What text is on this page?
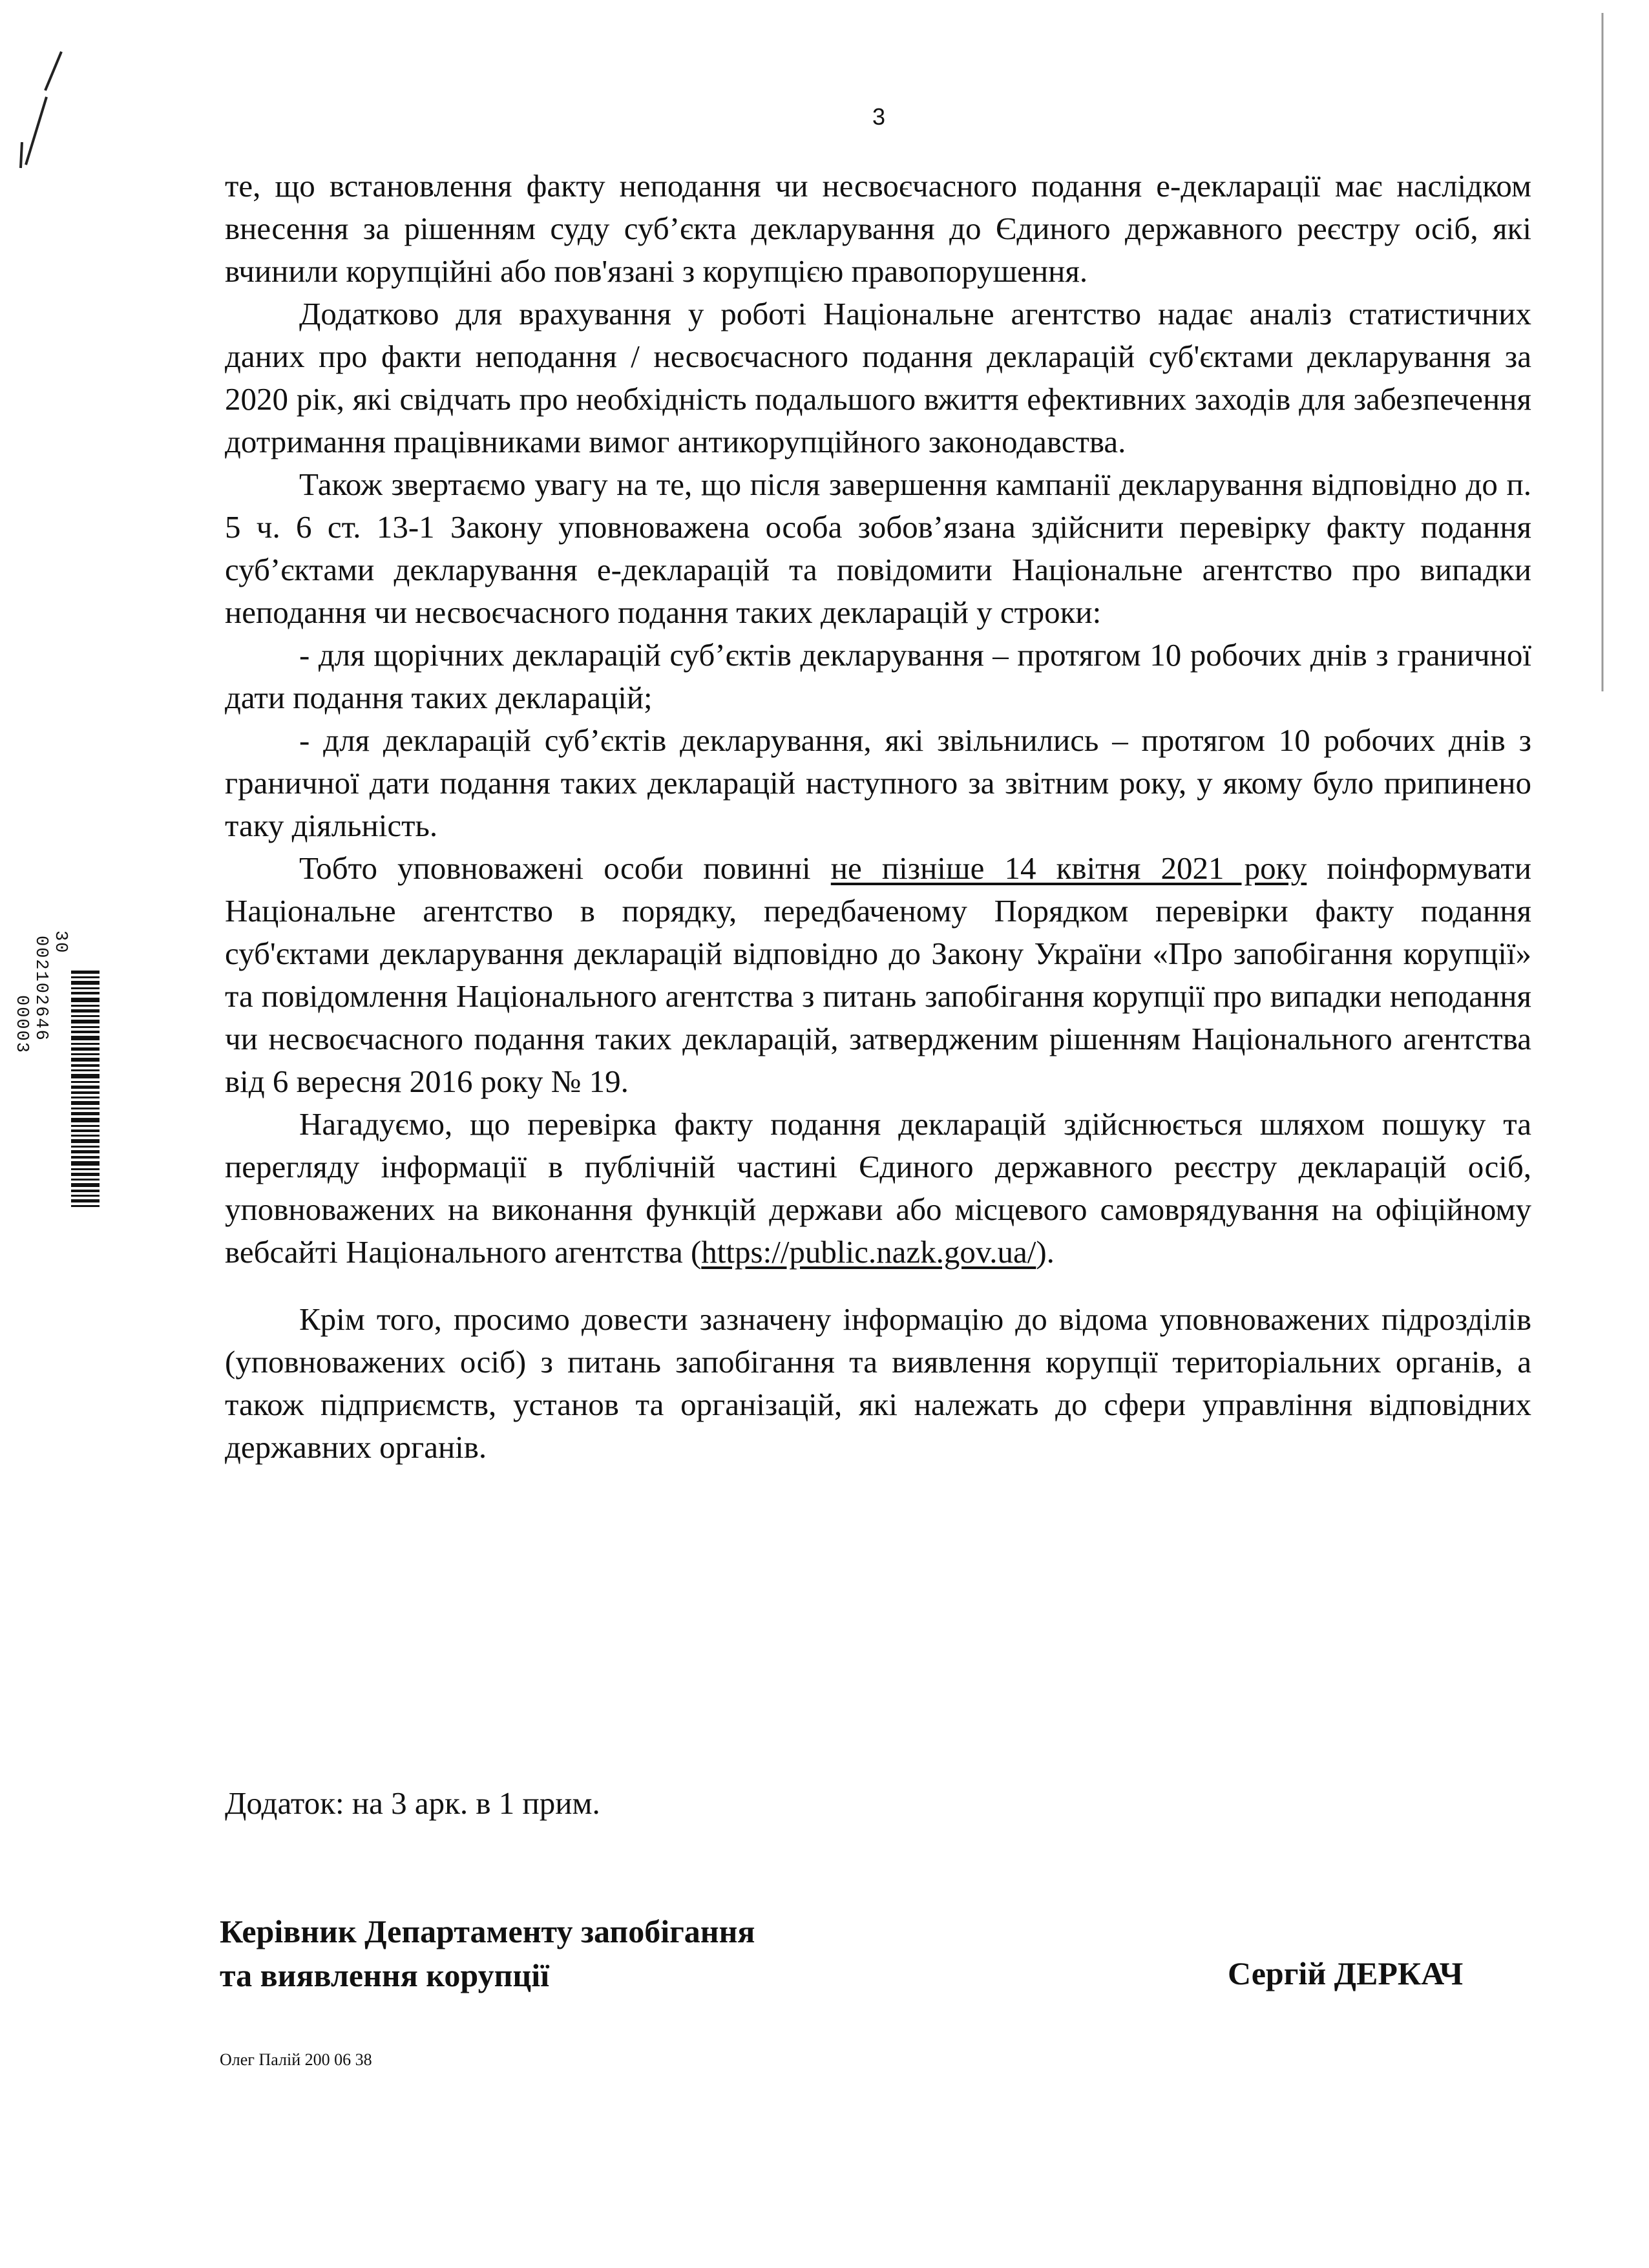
3

те, що встановлення факту неподання чи несвоєчасного подання е-декларації має наслідком внесення за рішенням суду суб’єкта декларування до Єдиного державного реєстру осіб, які вчинили корупційні або пов'язані з корупцією правопорушення.

Додатково для врахування у роботі Національне агентство надає аналіз статистичних даних про факти неподання / несвоєчасного подання декларацій суб'єктами декларування за 2020 рік, які свідчать про необхідність подальшого вжиття ефективних заходів для забезпечення дотримання працівниками вимог антикорупційного законодавства.

Також звертаємо увагу на те, що після завершення кампанії декларування відповідно до п. 5 ч. 6 ст. 13-1 Закону уповноважена особа зобов’язана здійснити перевірку факту подання суб’єктами декларування е-декларацій та повідомити Національне агентство про випадки неподання чи несвоєчасного подання таких декларацій у строки:

- для щорічних декларацій суб’єктів декларування – протягом 10 робочих днів з граничної дати подання таких декларацій;

- для декларацій суб’єктів декларування, які звільнились – протягом 10 робочих днів з граничної дати подання таких декларацій наступного за звітним року, у якому було припинено таку діяльність.

Тобто уповноважені особи повинні не пізніше 14 квітня 2021 року поінформувати Національне агентство в порядку, передбаченому Порядком перевірки факту подання суб'єктами декларування декларацій відповідно до Закону України «Про запобігання корупції» та повідомлення Національного агентства з питань запобігання корупції про випадки неподання чи несвоєчасного подання таких декларацій, затвердженим рішенням Національного агентства від 6 вересня 2016 року № 19.

Нагадуємо, що перевірка факту подання декларацій здійснюється шляхом пошуку та перегляду інформації в публічній частині Єдиного державного реєстру декларацій осіб, уповноважених на виконання функцій держави або місцевого самоврядування на офіційному вебсайті Національного агентства (https://public.nazk.gov.ua/).

Крім того, просимо довести зазначену інформацію до відома уповноважених підрозділів (уповноважених осіб) з питань запобігання та виявлення корупції територіальних органів, а також підприємств, установ та організацій, які належать до сфери управління відповідних державних органів.

Додаток: на 3 арк. в 1 прим.
Керівник Департаменту запобігання
та виявлення корупції	Сергій ДЕРКАЧ
Олег Палій 200 06 38
30
002102646
00003
